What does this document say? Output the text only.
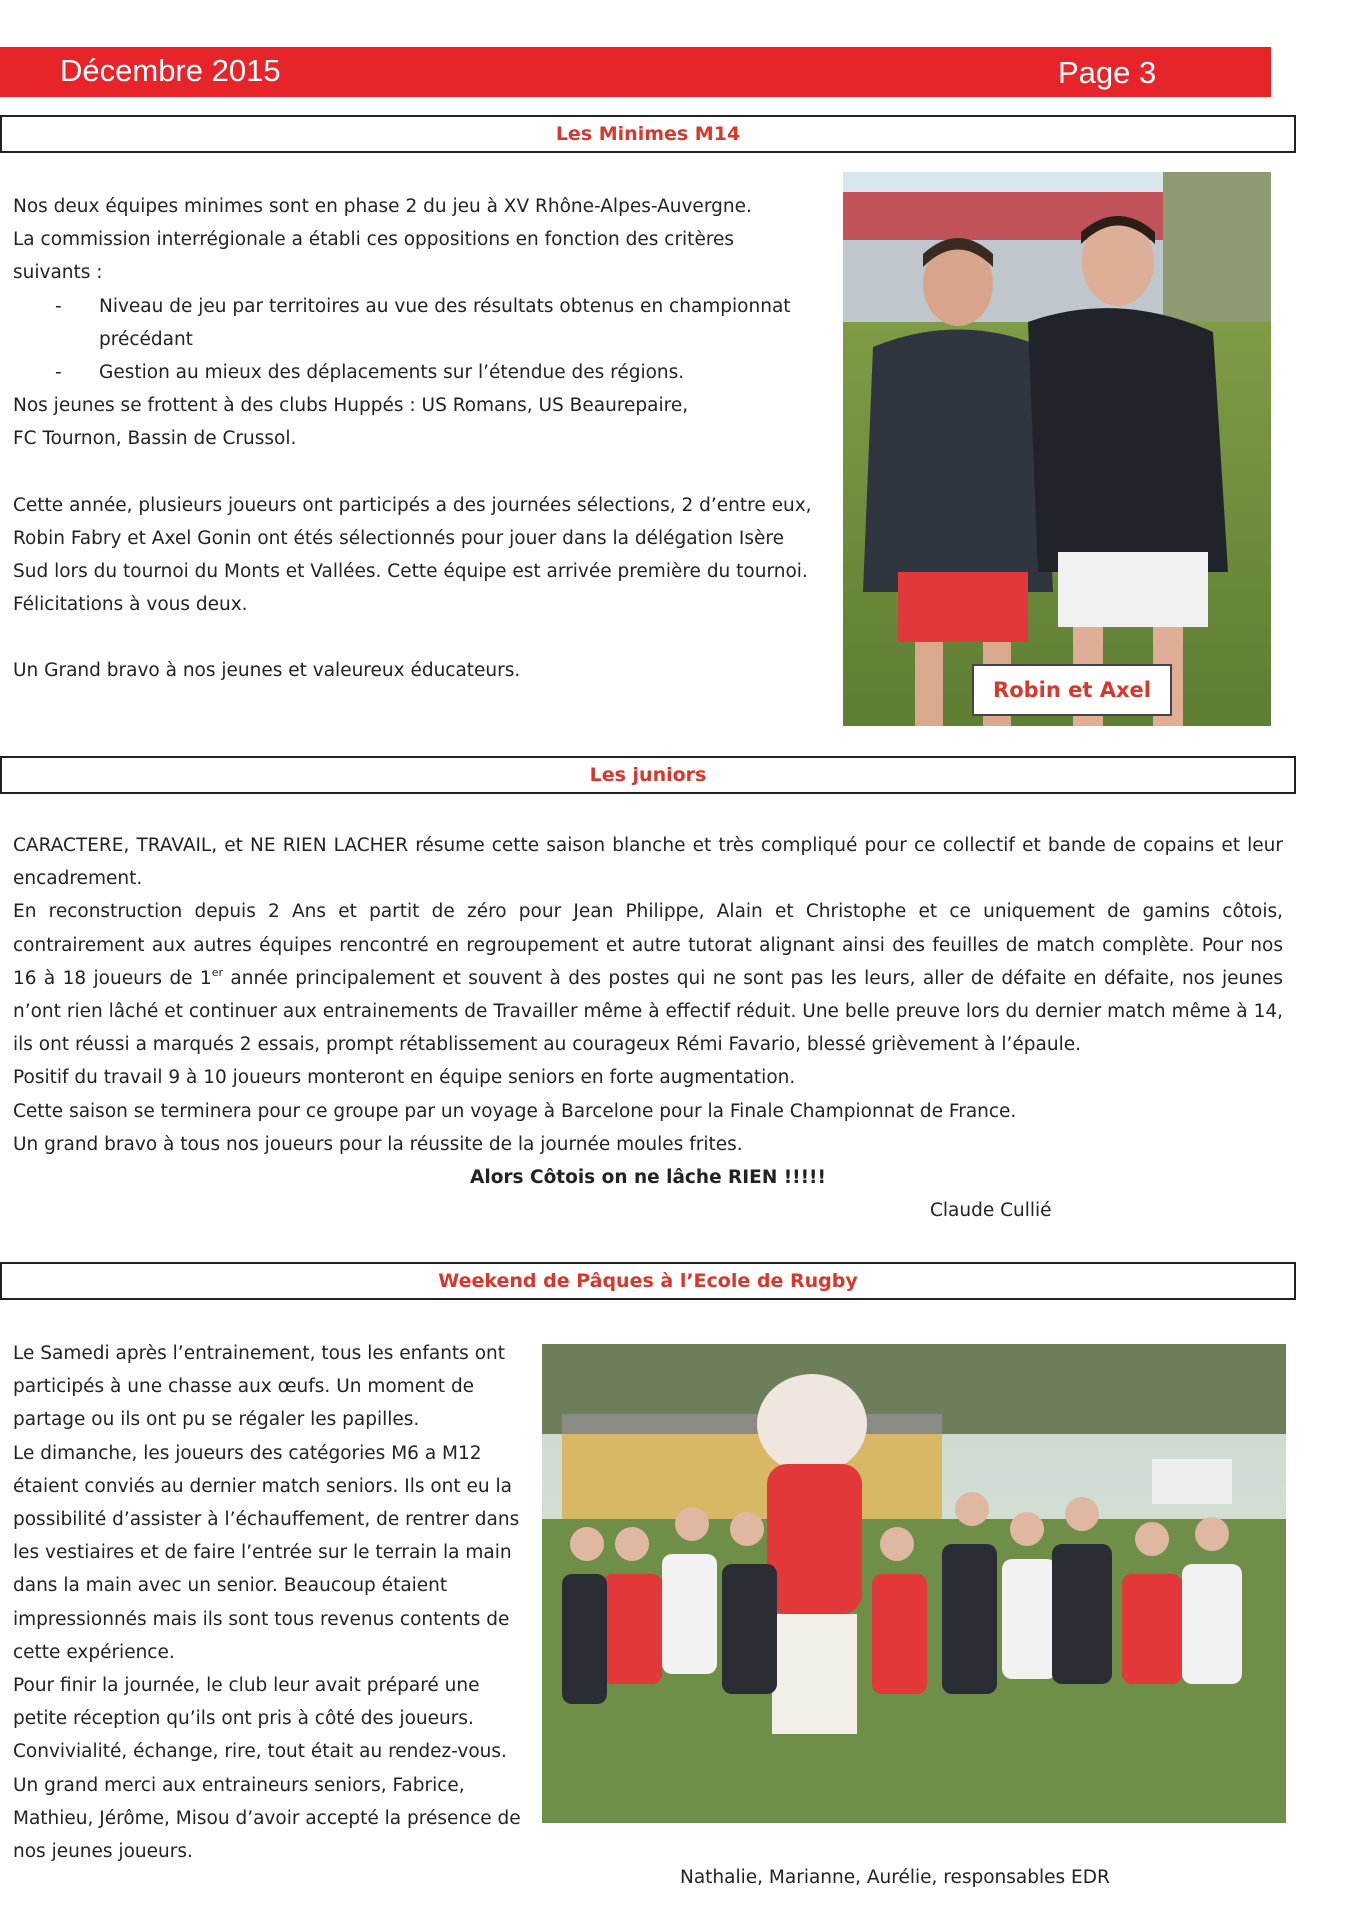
Décembre 2015	Page 3
Les Minimes M14

Nos deux équipes minimes sont en phase 2 du jeu à XV Rhône-Alpes-Auvergne.

La commission interrégionale a établi ces oppositions en fonction des critères suivants :

-	Niveau de jeu par territoires au vue des résultats obtenus en championnat précédant
-	Gestion au mieux des déplacements sur l’étendue des régions.

Nos jeunes se frottent à des clubs Huppés : US Romans, US Beaurepaire,

FC Tournon, Bassin de Crussol.

Cette année, plusieurs joueurs ont participés a des journées sélections, 2 d’entre eux, Robin Fabry et Axel Gonin ont étés sélectionnés pour jouer dans la délégation Isère Sud lors du tournoi du Monts et Vallées. Cette équipe est arrivée première du tournoi. Félicitations à vous deux.

Un Grand bravo à nos jeunes et valeureux éducateurs.

Robin et Axel
Les juniors

CARACTERE, TRAVAIL, et NE RIEN LACHER résume cette saison blanche et très compliqué pour ce collectif et bande de copains et leur encadrement.

En reconstruction depuis 2 Ans et partit de zéro pour Jean Philippe, Alain et Christophe et ce uniquement de gamins côtois, contrairement aux autres équipes rencontré en regroupement et autre tutorat alignant ainsi des feuilles de match complète. Pour nos 16 à 18 joueurs de 1er année principalement et souvent à des postes qui ne sont pas les leurs, aller de défaite en défaite, nos jeunes n’ont rien lâché et continuer aux entrainements de Travailler même à effectif réduit. Une belle preuve lors du dernier match même à 14, ils ont réussi a marqués 2 essais, prompt rétablissement au courageux Rémi Favario, blessé grièvement à l’épaule.

Positif du travail 9 à 10 joueurs monteront en équipe seniors en forte augmentation.

Cette saison se terminera pour ce groupe par un voyage à Barcelone pour la Finale Championnat de France.

Un grand bravo à tous nos joueurs pour la réussite de la journée moules frites.

Alors Côtois on ne lâche RIEN !!!!!
Claude Cullié
Weekend de Pâques à l’Ecole de Rugby

Le Samedi après l’entrainement, tous les enfants ont participés à une chasse aux œufs. Un moment de partage ou ils ont pu se régaler les papilles.

Le dimanche, les joueurs des catégories M6 a M12 étaient conviés au dernier match seniors. Ils ont eu la possibilité d’assister à l’échauffement, de rentrer dans les vestiaires et de faire l’entrée sur le terrain la main dans la main avec un senior. Beaucoup étaient impressionnés mais ils sont tous revenus contents de cette expérience.

Pour finir la journée, le club leur avait préparé une petite réception qu’ils ont pris à côté des joueurs. Convivialité, échange, rire, tout était au rendez-vous. Un grand merci aux entraineurs seniors, Fabrice, Mathieu, Jérôme, Misou d’avoir accepté la présence de nos jeunes joueurs.

Nathalie, Marianne, Aurélie, responsables EDR
